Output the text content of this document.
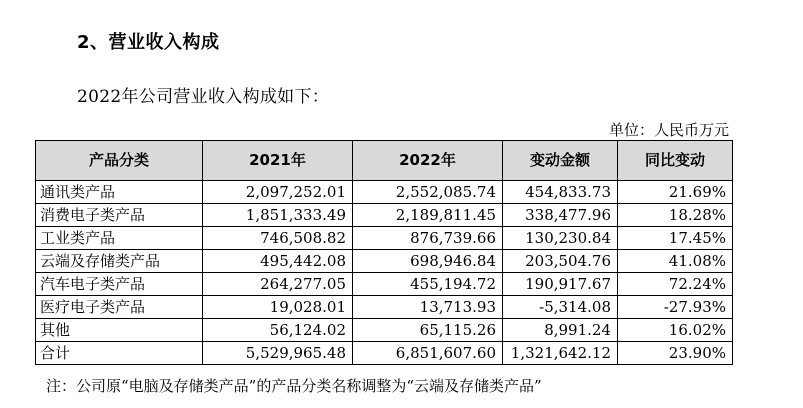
2、营业收入构成
2022年公司营业收入构成如下：
单位：人民币万元
产品分类	2021年	2022年	变动金额	同比变动
通讯类产品	2,097,252.01	2,552,085.74	454,833.73	21.69%
消费电子类产品	1,851,333.49	2,189,811.45	338,477.96	18.28%
工业类产品	746,508.82	876,739.66	130,230.84	17.45%
云端及存储类产品	495,442.08	698,946.84	203,504.76	41.08%
汽车电子类产品	264,277.05	455,194.72	190,917.67	72.24%
医疗电子类产品	19,028.01	13,713.93	-5,314.08	-27.93%
其他	56,124.02	65,115.26	8,991.24	16.02%
合计	5,529,965.48	6,851,607.60	1,321,642.12	23.90%
注：公司原“电脑及存储类产品”的产品分类名称调整为“云端及存储类产品”
